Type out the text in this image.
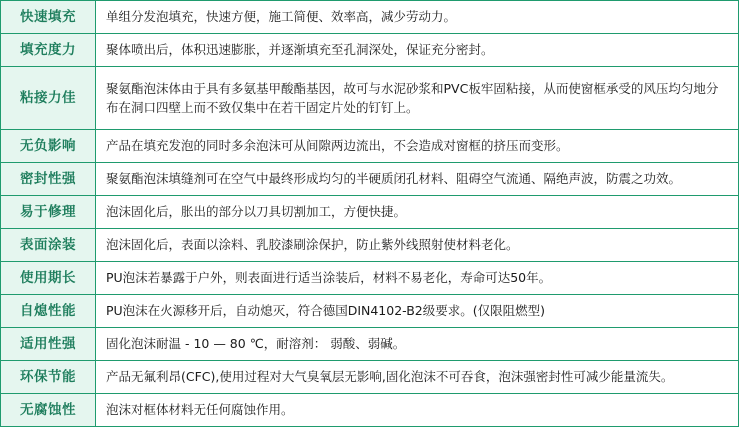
快速填充	单组分发泡填充，快速方便，施工简便、效率高，减少劳动力。
填充度力	聚体喷出后，体积迅速膨胀，并逐渐填充至孔洞深处，保证充分密封。
粘接力佳	聚氨酯泡沫体由于具有多氨基甲酸酯基因，故可与水泥砂浆和PVC板牢固粘接，从而使窗框承受的风压均匀地分布在洞口四壁上而不致仅集中在若干固定片处的钉钉上。
无负影响	产品在填充发泡的同时多余泡沫可从间隙两边流出，不会造成对窗框的挤压而变形。
密封性强	聚氨酯泡沫填缝剂可在空气中最终形成均匀的半硬质闭孔材料、阻碍空气流通、隔绝声波，防震之功效。
易于修理	泡沫固化后，胀出的部分以刀具切割加工，方便快捷。
表面涂装	泡沫固化后，表面以涂料、乳胶漆刷涂保护，防止紫外线照射使材料老化。
使用期长	PU泡沫若暴露于户外，则表面进行适当涂装后，材料不易老化，寿命可达50年。
自熄性能	PU泡沫在火源移开后，自动熄灭，符合德国DIN4102-B2级要求。(仅限阻燃型)
适用性强	固化泡沫耐温 - 10 — 80 ℃，耐溶剂： 弱酸、弱碱。
环保节能	产品无氟利昂(CFC),使用过程对大气臭氧层无影响,固化泡沫不可吞食，泡沫强密封性可减少能量流失。
无腐蚀性	泡沫对框体材料无任何腐蚀作用。
